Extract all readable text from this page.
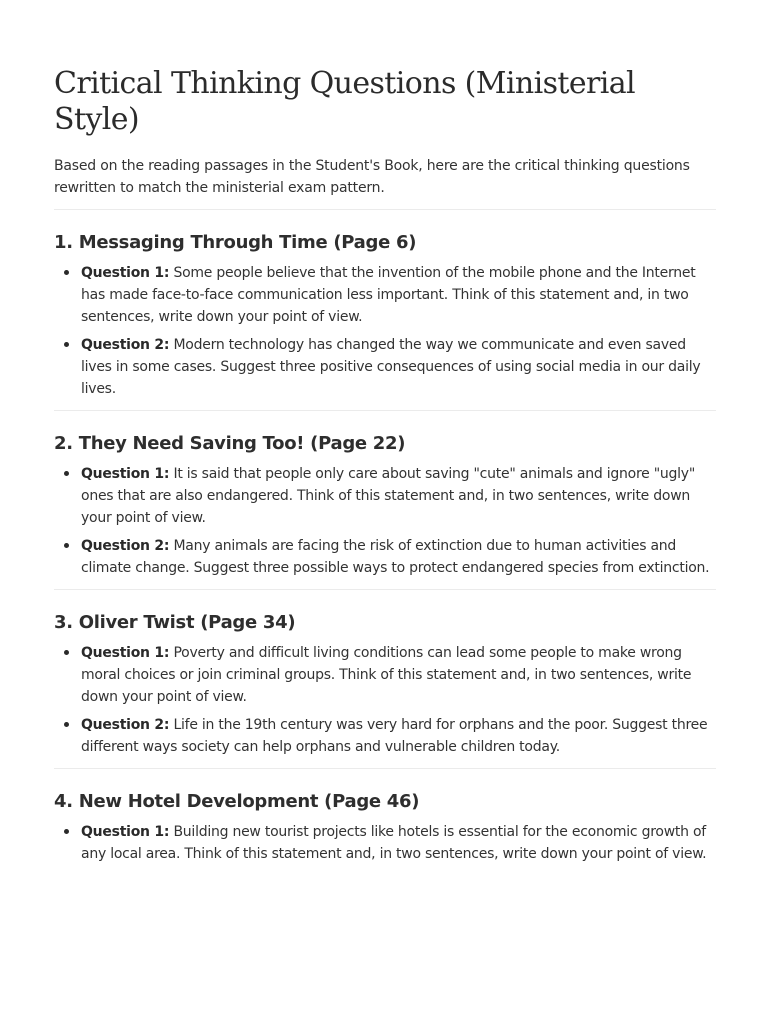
Critical Thinking Questions (Ministerial Style)

Based on the reading passages in the Student's Book, here are the critical thinking questions rewritten to match the ministerial exam pattern.

1. Messaging Through Time (Page 6)
Question 1: Some people believe that the invention of the mobile phone and the Internet has made face-to-face communication less important. Think of this statement and, in two sentences, write down your point of view.
Question 2: Modern technology has changed the way we communicate and even saved lives in some cases. Suggest three positive consequences of using social media in our daily lives.
2. They Need Saving Too! (Page 22)
Question 1: It is said that people only care about saving "cute" animals and ignore "ugly" ones that are also endangered. Think of this statement and, in two sentences, write down your point of view.
Question 2: Many animals are facing the risk of extinction due to human activities and climate change. Suggest three possible ways to protect endangered species from extinction.
3. Oliver Twist (Page 34)
Question 1: Poverty and difficult living conditions can lead some people to make wrong moral choices or join criminal groups. Think of this statement and, in two sentences, write down your point of view.
Question 2: Life in the 19th century was very hard for orphans and the poor. Suggest three different ways society can help orphans and vulnerable children today.
4. New Hotel Development (Page 46)
Question 1: Building new tourist projects like hotels is essential for the economic growth of any local area. Think of this statement and, in two sentences, write down your point of view.
